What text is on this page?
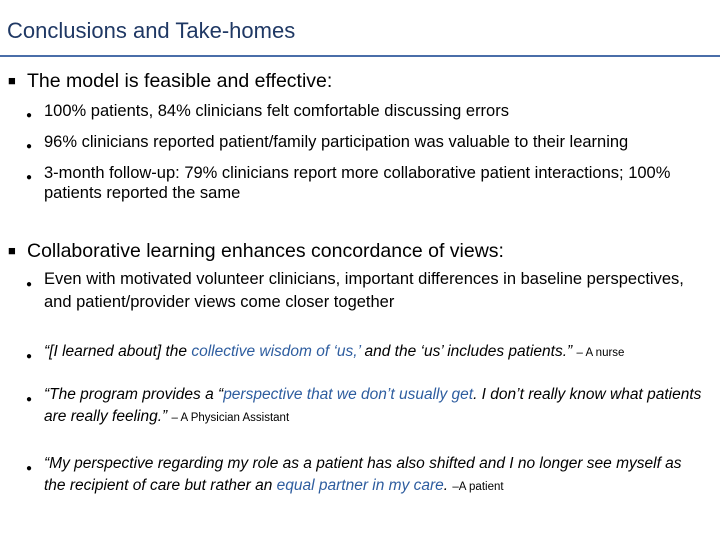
Conclusions and Take-homes
■ The model is feasible and effective:
● 100% patients, 84% clinicians felt comfortable discussing errors
● 96% clinicians reported patient/family participation was valuable to their learning
● 3-month follow-up: 79% clinicians report more collaborative patient interactions; 100% patients reported the same
■ Collaborative learning enhances concordance of views:
● Even with motivated volunteer clinicians, important differences in baseline perspectives, and patient/provider views come closer together
● “[I learned about] the collective wisdom of ‘us,’ and the ‘us’ includes patients.” – A nurse
● “The program provides a “perspective that we don’t usually get. I don’t really know what patients are really feeling.” – A Physician Assistant
● “My perspective regarding my role as a patient has also shifted and I no longer see myself as the recipient of care but rather an equal partner in my care. –A patient
